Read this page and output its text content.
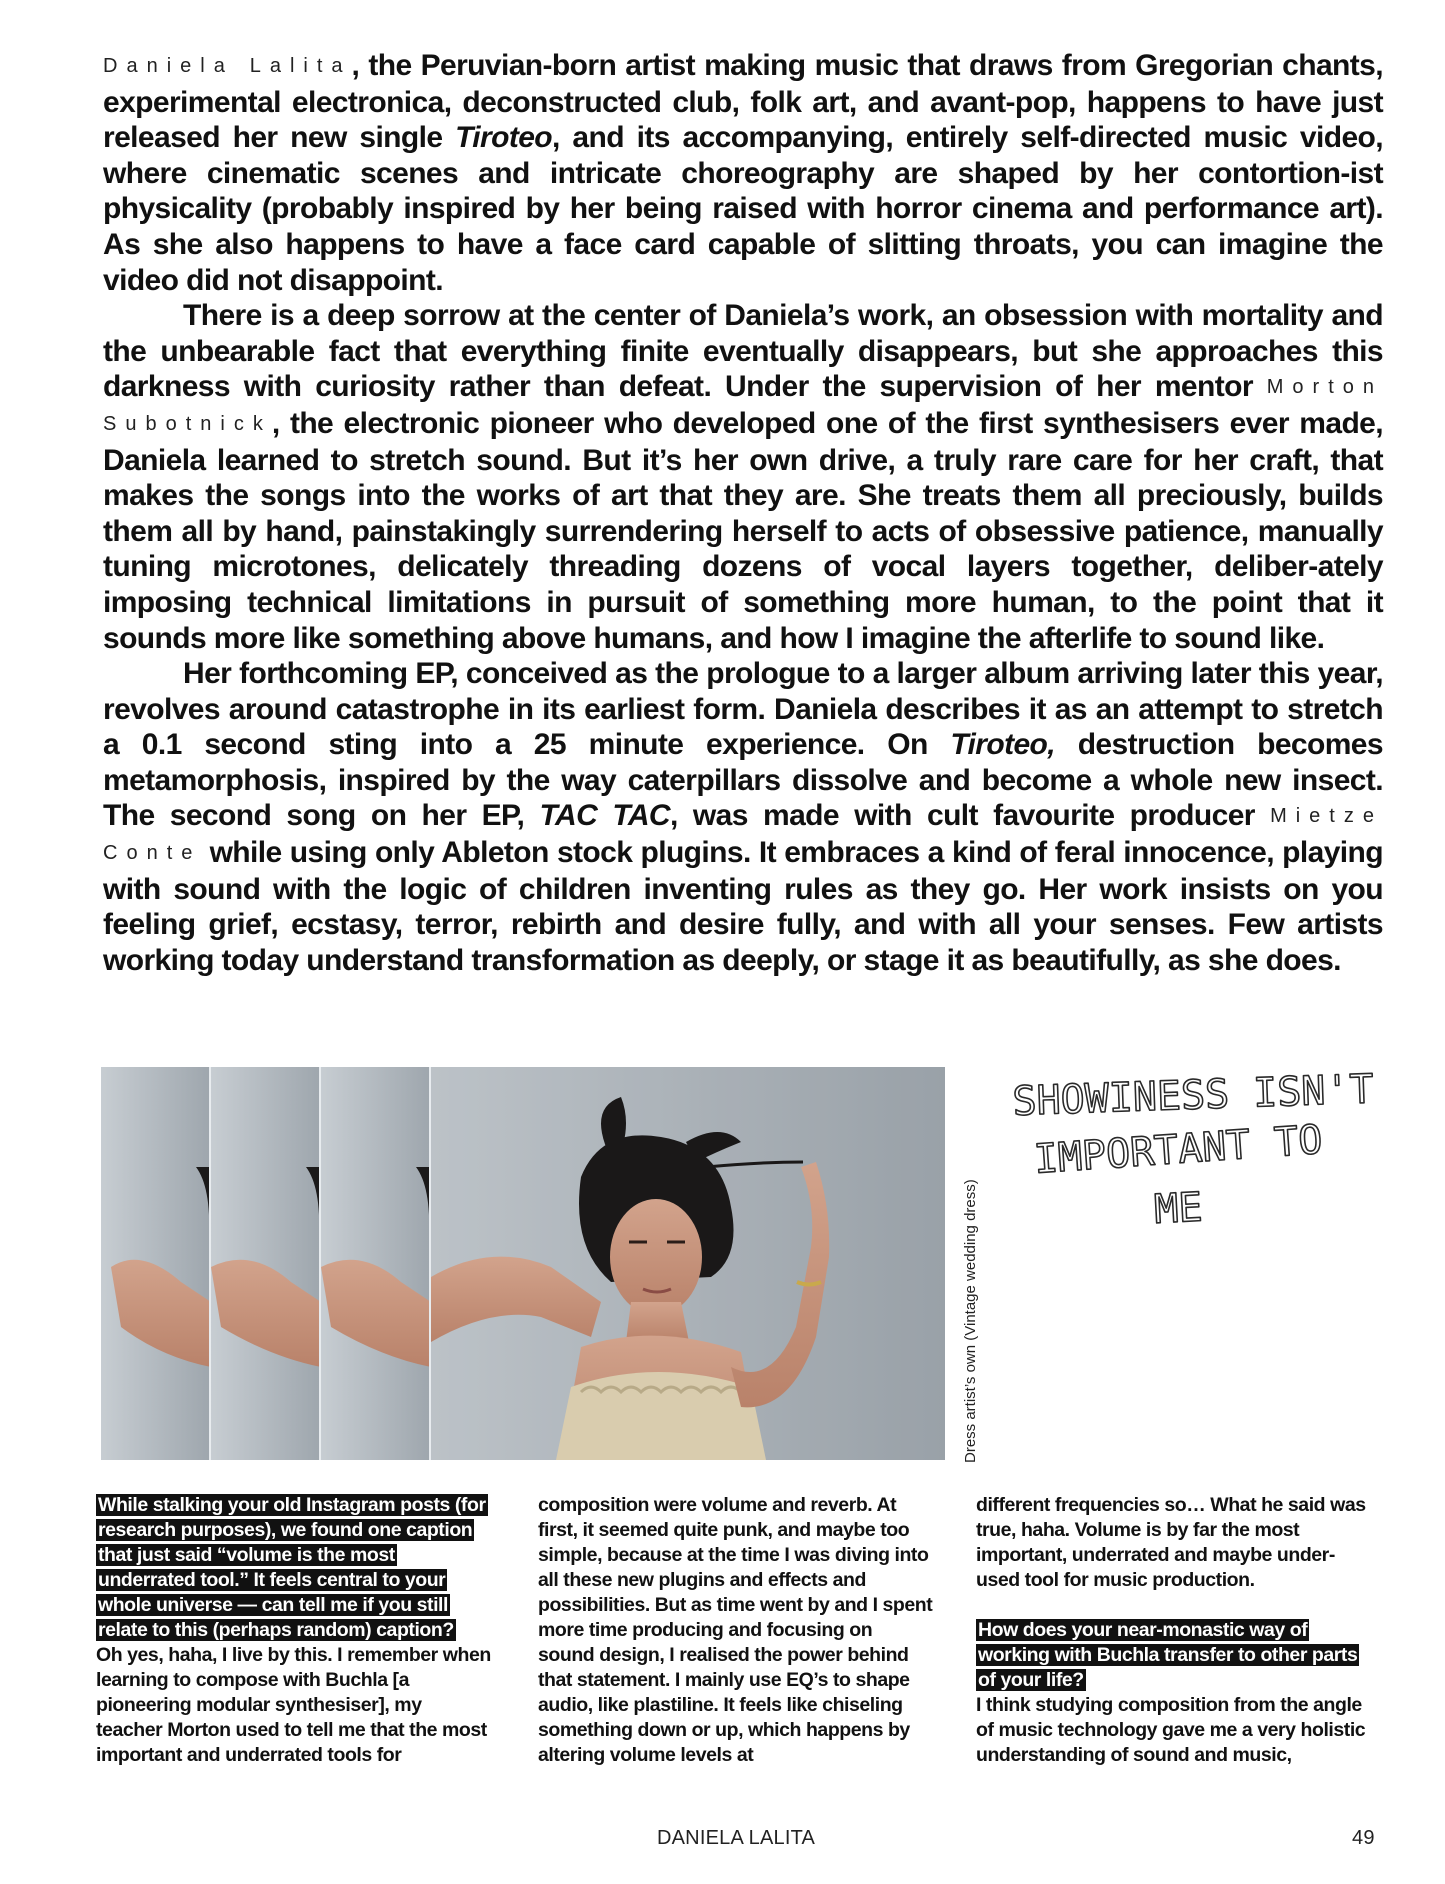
Daniela Lalita, the Peruvian-born artist making music that draws from Gregorian chants, experimental electronica, deconstructed club, folk art, and avant-pop, happens to have just released her new single Tiroteo, and its accompanying, entirely self-directed music video, where cinematic scenes and intricate choreography are shaped by her contortion-ist physicality (probably inspired by her being raised with horror cinema and performance art). As she also happens to have a face card capable of slitting throats, you can imagine the video did not disappoint.

There is a deep sorrow at the center of Daniela’s work, an obsession with mortality and the unbearable fact that everything finite eventually disappears, but she approaches this darkness with curiosity rather than defeat. Under the supervision of her mentor Morton Subotnick, the electronic pioneer who developed one of the first synthesisers ever made, Daniela learned to stretch sound. But it’s her own drive, a truly rare care for her craft, that makes the songs into the works of art that they are. She treats them all preciously, builds them all by hand, painstakingly surrendering herself to acts of obsessive patience, manually tuning microtones, delicately threading dozens of vocal layers together, deliber-ately imposing technical limitations in pursuit of something more human, to the point that it sounds more like something above humans, and how I imagine the afterlife to sound like.

Her forthcoming EP, conceived as the prologue to a larger album arriving later this year, revolves around catastrophe in its earliest form. Daniela describes it as an attempt to stretch a 0.1 second sting into a 25 minute experience. On Tiroteo, destruction becomes metamorphosis, inspired by the way caterpillars dissolve and become a whole new insect. The second song on her EP, TAC TAC, was made with cult favourite producer Mietze Conte while using only Ableton stock plugins. It embraces a kind of feral innocence, playing with sound with the logic of children inventing rules as they go. Her work insists on you feeling grief, ecstasy, terror, rebirth and desire fully, and with all your senses. Few artists working today understand transformation as deeply, or stage it as beautifully, as she does.

Dress artist’s own (Vintage wedding dress)
SHOWINESS ISN'T
IMPORTANT TO
ME

While stalking your old Instagram posts (for research purposes), we found one caption that just said “volume is the most underrated tool.” It feels central to your whole universe — can tell me if you still relate to this (perhaps random) caption?

Oh yes, haha, I live by this. I remember when learning to compose with Buchla [a pioneering modular synthesiser], my teacher Morton used to tell me that the most important and underrated tools for

composition were volume and reverb. At first, it seemed quite punk, and maybe too simple, because at the time I was diving into all these new plugins and effects and possibilities. But as time went by and I spent more time producing and focusing on sound design, I realised the power behind that statement. I mainly use EQ’s to shape audio, like plastiline. It feels like chiseling something down or up, which happens by altering volume levels at

different frequencies so… What he said was true, haha. Volume is by far the most important, underrated and maybe under-used tool for music production.

How does your near-monastic way of working with Buchla transfer to other parts of your life?

I think studying composition from the angle of music technology gave me a very holistic understanding of sound and music,

DANIELA LALITA	49
